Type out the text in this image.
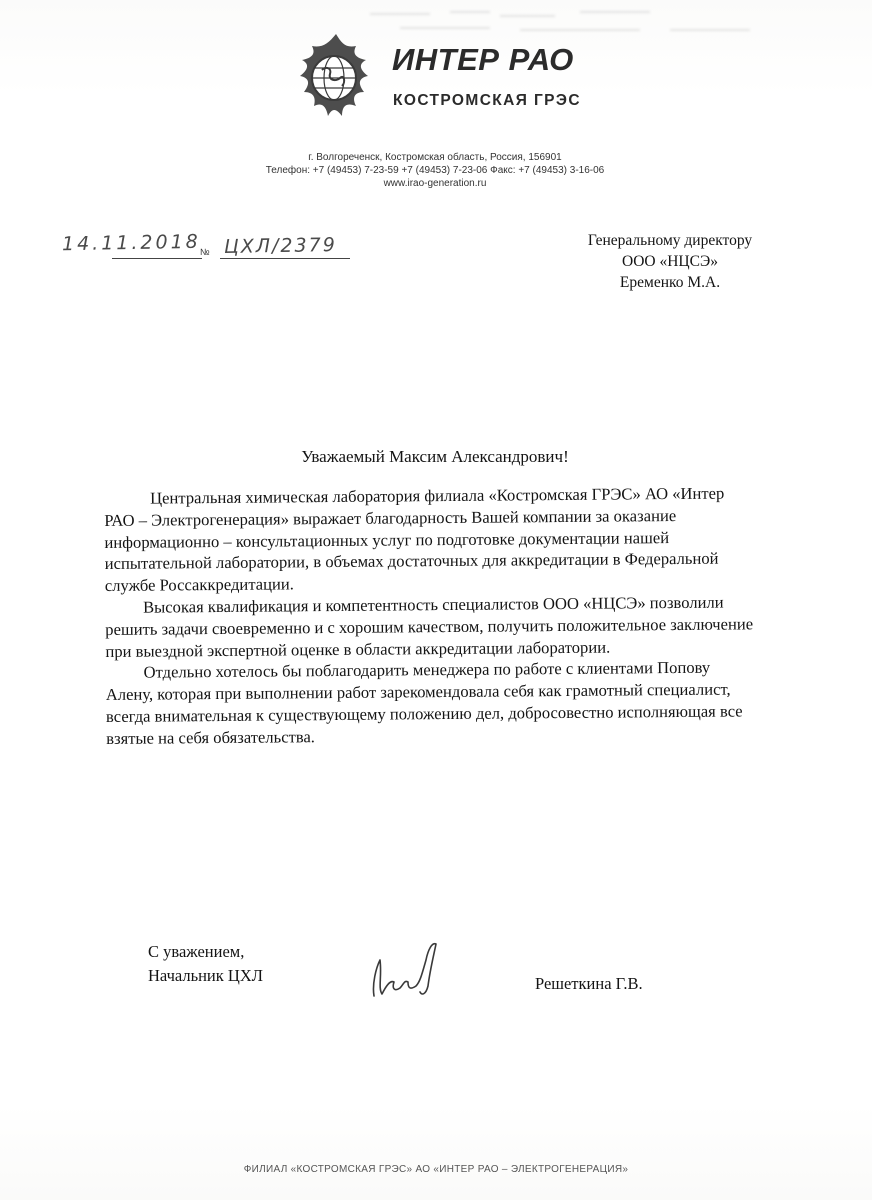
ИНТЕР РАО
КОСТРОМСКАЯ ГРЭС
г. Волгореченск, Костромская область, Россия, 156901
Телефон: +7 (49453) 7-23-59 +7 (49453) 7-23-06 Факс: +7 (49453) 3-16-06
www.irao-generation.ru
14.11.2018 № ЦХЛ/2379	Генеральному директору
ООО «НЦСЭ»
Еременко М.А.
Уважаемый Максим Александрович!

Центральная химическая лаборатория филиала «Костромская ГРЭС» АО «Интер РАО – Электрогенерация» выражает благодарность Вашей компании за оказание информационно – консультационных услуг по подготовке документации нашей испытательной лаборатории, в объемах достаточных для аккредитации в Федеральной службе Россаккредитации.

Высокая квалификация и компетентность специалистов ООО «НЦСЭ» позволили решить задачи своевременно и с хорошим качеством, получить положительное заключение при выездной экспертной оценке в области аккредитации лаборатории.

Отдельно хотелось бы поблагодарить менеджера по работе с клиентами Попову Алену, которая при выполнении работ зарекомендовала себя как грамотный специалист, всегда внимательная к существующему положению дел, добросовестно исполняющая все взятые на себя обязательства.

С уважением,
Начальник ЦХЛ	Решеткина Г.В.
ФИЛИАЛ «КОСТРОМСКАЯ ГРЭС» АО «ИНТЕР РАО – ЭЛЕКТРОГЕНЕРАЦИЯ»
